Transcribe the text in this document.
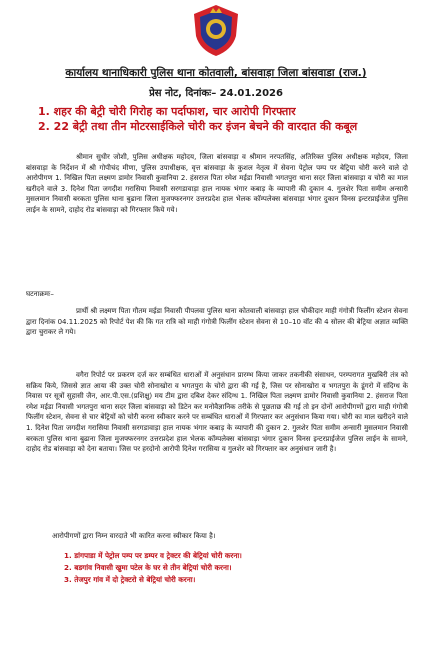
कार्यालय थानाधिकारी पुलिस थाना कोतवाली, बांसवाड़ा जिला बांसवाडा (राज.)
प्रेस नोट, दिनांकः– 24.01.2026

1. शहर की बेट्री चोरी गिरोह का पर्दाफाश, चार आरोपी गिरफ्तार

2. 22 बेट्री तथा तीन मोटरसाईकिले चोरी कर इंजन बेचने की वारदात की कबूल

श्रीमान सुधीर जोशी, पुलिस अधीक्षक महोदय, जिला बांसवाड़ा व श्रीमान नरपतसिंह, अतिरिक्त पुलिस अधीक्षक महोदय, जिला बांसवाड़ा के निर्देशन में श्री गोपीचंद मीणा, पुलिस उपाधीक्षक, वृत्त बांसवाड़ा के कुशल नेतृत्व में सेवना पेट्रोल पम्प पर बेट्रिया चोरी करने वाले दो आरोपीगण 1. निखिल पिता लक्ष्मण डामोर निवासी कुवानिया 2. हंसराज पिता रमेश मईडा निवासी भगतपुरा थाना सदर जिला बांसवाड़ा व चोरी का माल खरीदने वाले 3. दिनेश पिता जगदीश गरासिया निवासी सरगडावाड़ा हाल नायक भंगार कबाड़ के व्यापारी की दुकान 4. गुलशेर पिता समीम अन्सारी मुसलमान निवासी बरकता पुलिस थाना बुढाना जिला मुजफ्फरनगर उत्तरप्रदेश हाल भेलक कॉम्पलेक्स बांसवाड़ा भंगार दुकान विनस इन्टरप्राईजेज पुलिस लाईन के सामने, दाहोद रोड बांसवाड़ा को गिरफ्तार किये गये।

घटनाक्रमः–

प्रार्थी श्री लक्ष्मण पिता गौतम मईडा निवासी पीपलवा पुलिस थाना कोतवाली बांसवाड़ा हाल चौकीदार माही गंगोत्री फिलींग स्टेशन सेवना द्वारा दिनांक 04.11.2025 को रिपोर्ट पेश की कि गत रात्रि को माही गंगोत्री फिलींग स्टेशन सेवना से 10–10 वॉट की 4 सोलर की बेट्रिया अज्ञात व्यक्ति द्वारा चुराकर ले गये।

वगैरा रिपोर्ट पर प्रकरण दर्ज कर सम्बंधित धाराओं में अनुसंधान प्रारम्भ किया जाकर तकनीकी संसाधन, परम्परागत मुखबिरी तंत्र को सक्रिय किये, जिससे ज्ञात आया की उक्त चोरी सोनाखोरा व भगतपुरा के चोरो द्वारा की गई है, जिस पर सोनाखोरा व भगतपुरा के डूंगरो में संदिग्ध के निवास पर सूत्रों सुहासी जैन, आर.पी.एस.(प्रशिक्षु) मय टीम द्वारा दबिश देकर संदिग्ध 1. निखिल पिता लक्ष्मण डामोर निवासी कुवानिया 2. हंसराज पिता रमेश मईडा निवासी भगतपुरा थाना सदर जिला बांसवाड़ा को डिटेन कर मनोवैज्ञानिक तरीके से पूछताछ की गई तो इन दोनों आरोपीगणों द्वारा माही गंगोत्री फिलींग स्टेशन, सेवना से चार बेट्रियों को चोरी करना स्वीकार करने पर सम्बंधित धाराओं में गिरफ्तार कर अनुसंधान किया गया। चोरी का माल खरीदने वाले 1. दिनेश पिता जगदीश गरासिया निवासी सरगडावाड़ा हाल नायक भंगार कबाड़ के व्यापारी की दुकान 2. गुलशेर पिता समीम अन्सारी मुसलमान निवासी बरकता पुलिस थाना बुढाना जिला मुजफ्फरनगर उत्तरप्रदेश हाल भेलक कॉम्पलेक्स बांसवाड़ा भंगार दुकान विनस इन्टरप्राईजेज पुलिस लाईन के सामने, दाहोद रोड बांसवाड़ा को देना बताया। जिस पर हरदोनो आरोपी दिनेश गरासिया व गुलशेर को गिरफ्तार कर अनुसंधान जारी है।

आरोपीगणों द्वारा निम्न वारदाते भी कारित करना स्वीकार किया है।

1. डांगपाडा में पेट्रोल पम्प पर डम्पर व ट्रेक्टर की बेट्रियां चोरी करना।
2. बडगांव निवासी खुमा पटेल के घर से तीन बेट्रियां चोरी करना।
3. तेजपुर गांव में दो ट्रेक्टरो से बेट्रियां चोरी करना।
